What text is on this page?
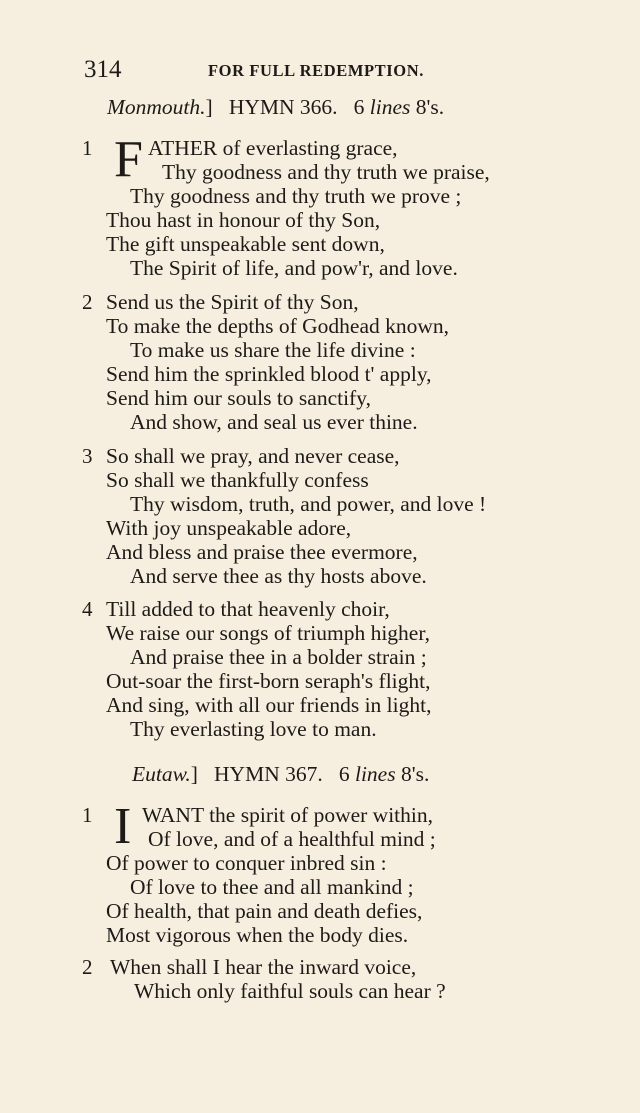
314	FOR FULL REDEMPTION.
Monmouth.] HYMN 366. 6 lines 8's.
1 F ATHER of everlasting grace,
Thy goodness and thy truth we praise,
Thy goodness and thy truth we prove ;
Thou hast in honour of thy Son,
The gift unspeakable sent down,
The Spirit of life, and pow'r, and love.
2 Send us the Spirit of thy Son,
To make the depths of Godhead known,
To make us share the life divine :
Send him the sprinkled blood t' apply,
Send him our souls to sanctify,
And show, and seal us ever thine.
3 So shall we pray, and never cease,
So shall we thankfully confess
Thy wisdom, truth, and power, and love !
With joy unspeakable adore,
And bless and praise thee evermore,
And serve thee as thy hosts above.
4 Till added to that heavenly choir,
We raise our songs of triumph higher,
And praise thee in a bolder strain ;
Out-soar the first-born seraph's flight,
And sing, with all our friends in light,
Thy everlasting love to man.
Eutaw.] HYMN 367. 6 lines 8's.
1 I WANT the spirit of power within,
Of love, and of a healthful mind ;
Of power to conquer inbred sin :
Of love to thee and all mankind ;
Of health, that pain and death defies,
Most vigorous when the body dies.
2 When shall I hear the inward voice,
Which only faithful souls can hear ?
